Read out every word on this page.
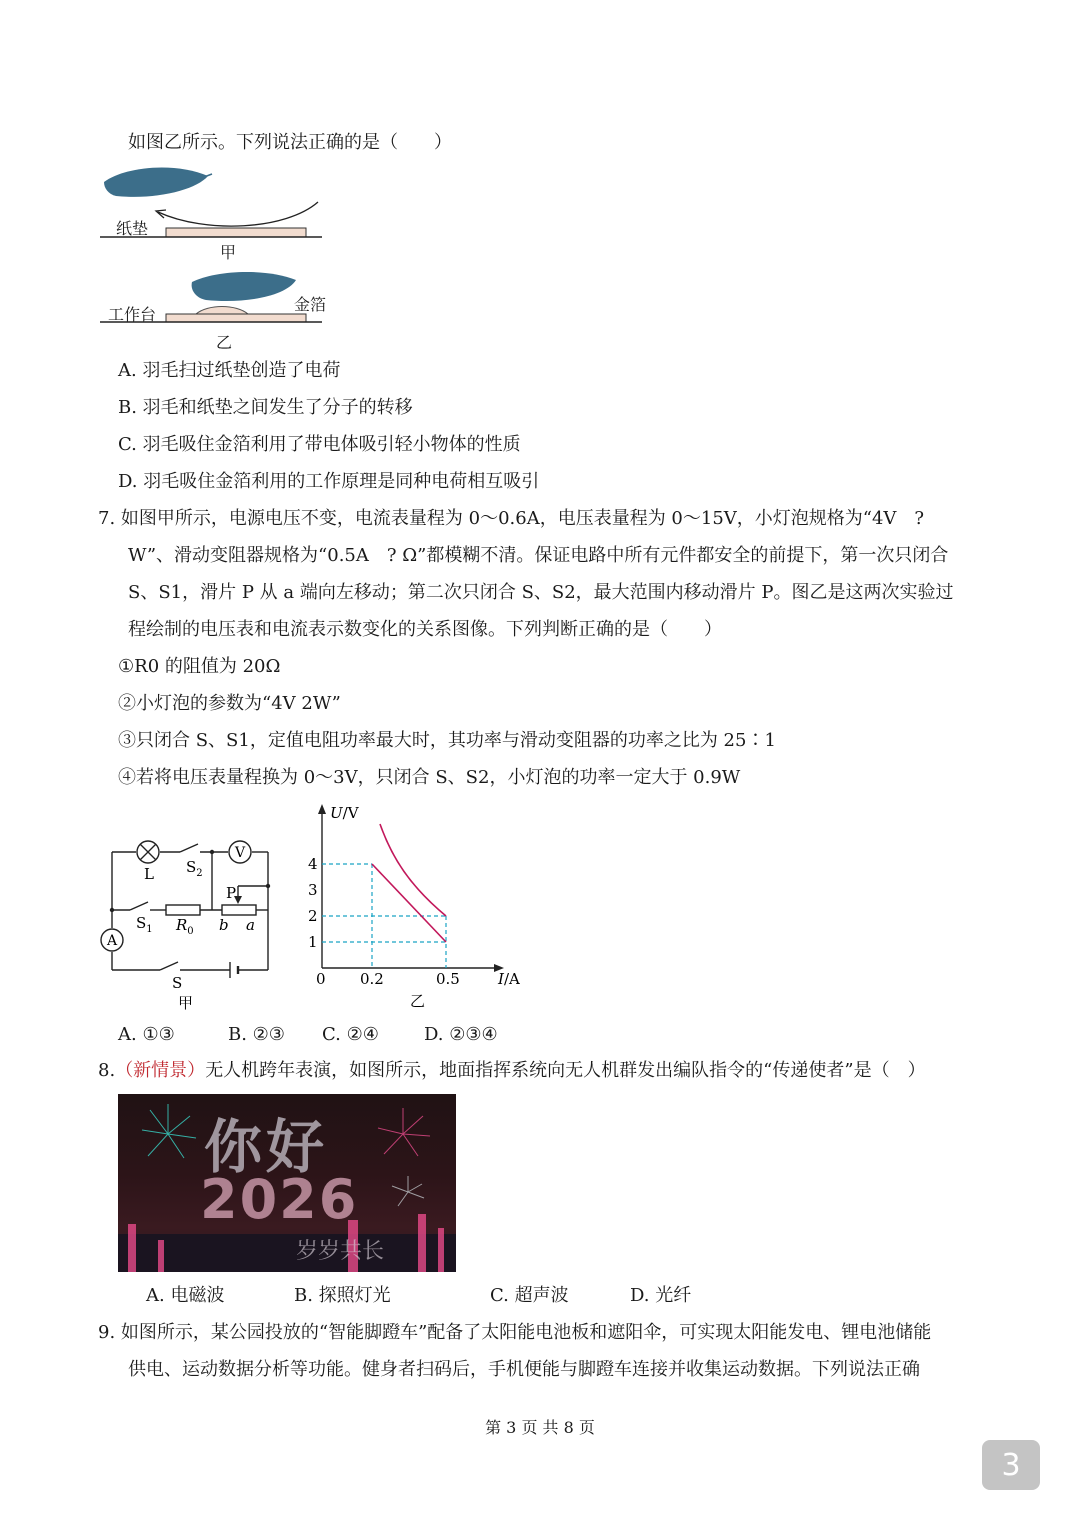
如图乙所示。下列说法正确的是（　　）
纸垫
甲
工作台
金箔
乙
A. 羽毛扫过纸垫创造了电荷
B. 羽毛和纸垫之间发生了分子的转移
C. 羽毛吸住金箔利用了带电体吸引轻小物体的性质
D. 羽毛吸住金箔利用的工作原理是同种电荷相互吸引
7. 如图甲所示，电源电压不变，电流表量程为 0～0.6A，电压表量程为 0～15V，小灯泡规格为“4V　?
W”、滑动变阻器规格为“0.5A　? Ω”都模糊不清。保证电路中所有元件都安全的前提下，第一次只闭合
S、S1，滑片 P 从 a 端向左移动；第二次只闭合 S、S2，最大范围内移动滑片 P。图乙是这两次实验过
程绘制的电压表和电流表示数变化的关系图像。下列判断正确的是（　　）
①R0 的阻值为 20Ω
②小灯泡的参数为“4V 2W”
③只闭合 S、S1，定值电阻功率最大时，其功率与滑动变阻器的功率之比为 25∶1
④若将电压表量程换为 0～3V，只闭合 S、S2，小灯泡的功率一定大于 0.9W
L $S_2$
V
P
$S_1$ $R_0$ b a
A
S
甲
U/V
I/A
0 0.2	0.5
1
2
3
4
乙
A. ①③	B. ②③ C. ②④	D. ②③④
8.（新情景）无人机跨年表演，如图所示，地面指挥系统向无人机群发出编队指令的“传递使者”是（　）
你好
2026
岁岁共长
A. 电磁波	B. 探照灯光	C. 超声波	D. 光纤
9. 如图所示，某公园投放的“智能脚蹬车”配备了太阳能电池板和遮阳伞，可实现太阳能发电、锂电池储能
供电、运动数据分析等功能。健身者扫码后，手机便能与脚蹬车连接并收集运动数据。下列说法正确
第 3 页 共 8 页
3
